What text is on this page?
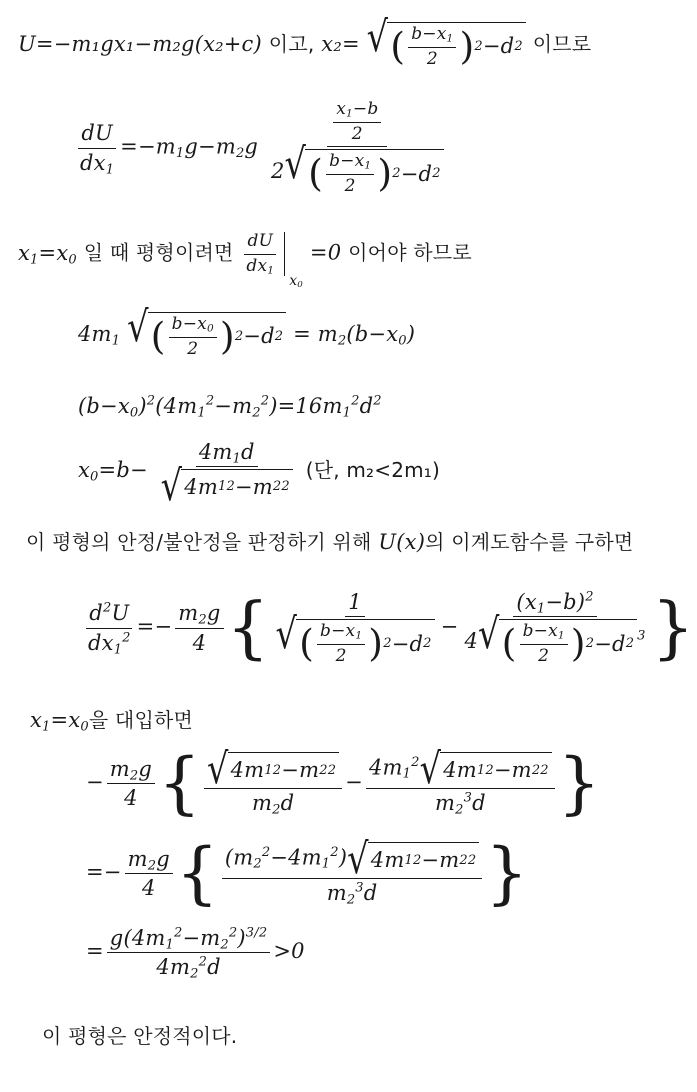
U=−m₁gx₁−m₂g(x₂+c) 이고, x₂= √ ( $\frac{b-x_1}{2}$ ) 2 −d 2 이므로
$\frac{dU}{dx_1} =-m_1g-m_2g \frac{\frac{x_1-b}{2}}{2 √ ( \frac{b-x_1}{2} ) 2 -d 2}$
$x_1=x_0$ 일 때 평형이려면 $\frac{dU}{dx_1}$
$_{x_0}$ =0 이어야 하므로
$4m_1$ √ ( $\frac{b-x_0}{2}$ ) 2 −d $2 = m_2(b-x_0)$
$(b-x_0)^2(4m_1^2-m_2^2)=16m_1^2d^2$
$x_0=b- \frac{4m_1d}{√ 4m 1 2 -m 2 2}$ (단, m₂<2m₁)
이 평형의 안정/불안정을 판정하기 위해 U(x)의 이계도함수를 구하면
$\frac{d^2U}{dx_1^2} =- \frac{m_2g}{4}$ { $\frac{1}{√ ( \frac{b-x_1}{2} ) 2 -d 2} - \frac{(x_1-b)^2}{4 √ ( \frac{b-x_1}{2} ) 2 -d 2 ^3}$ }
$x_1=x_0$을 대입하면
− $\frac{m_2g}{4}$ { $\frac{√ 4m 1 2 -m 2 2}{m_2d} - \frac{4m_1^2 √ 4m 1 2 -m 2 2}{m_2^3d}$ }
=− $\frac{m_2g}{4}$ { $\frac{(m_2^2-4m_1^2) √ 4m 1 2 -m 2 2}{m_2^3d}$ }
= $\frac{g(4m_1^2-m_2^2)^{3/2}}{4m_2^2d} >0$
이 평형은 안정적이다.
